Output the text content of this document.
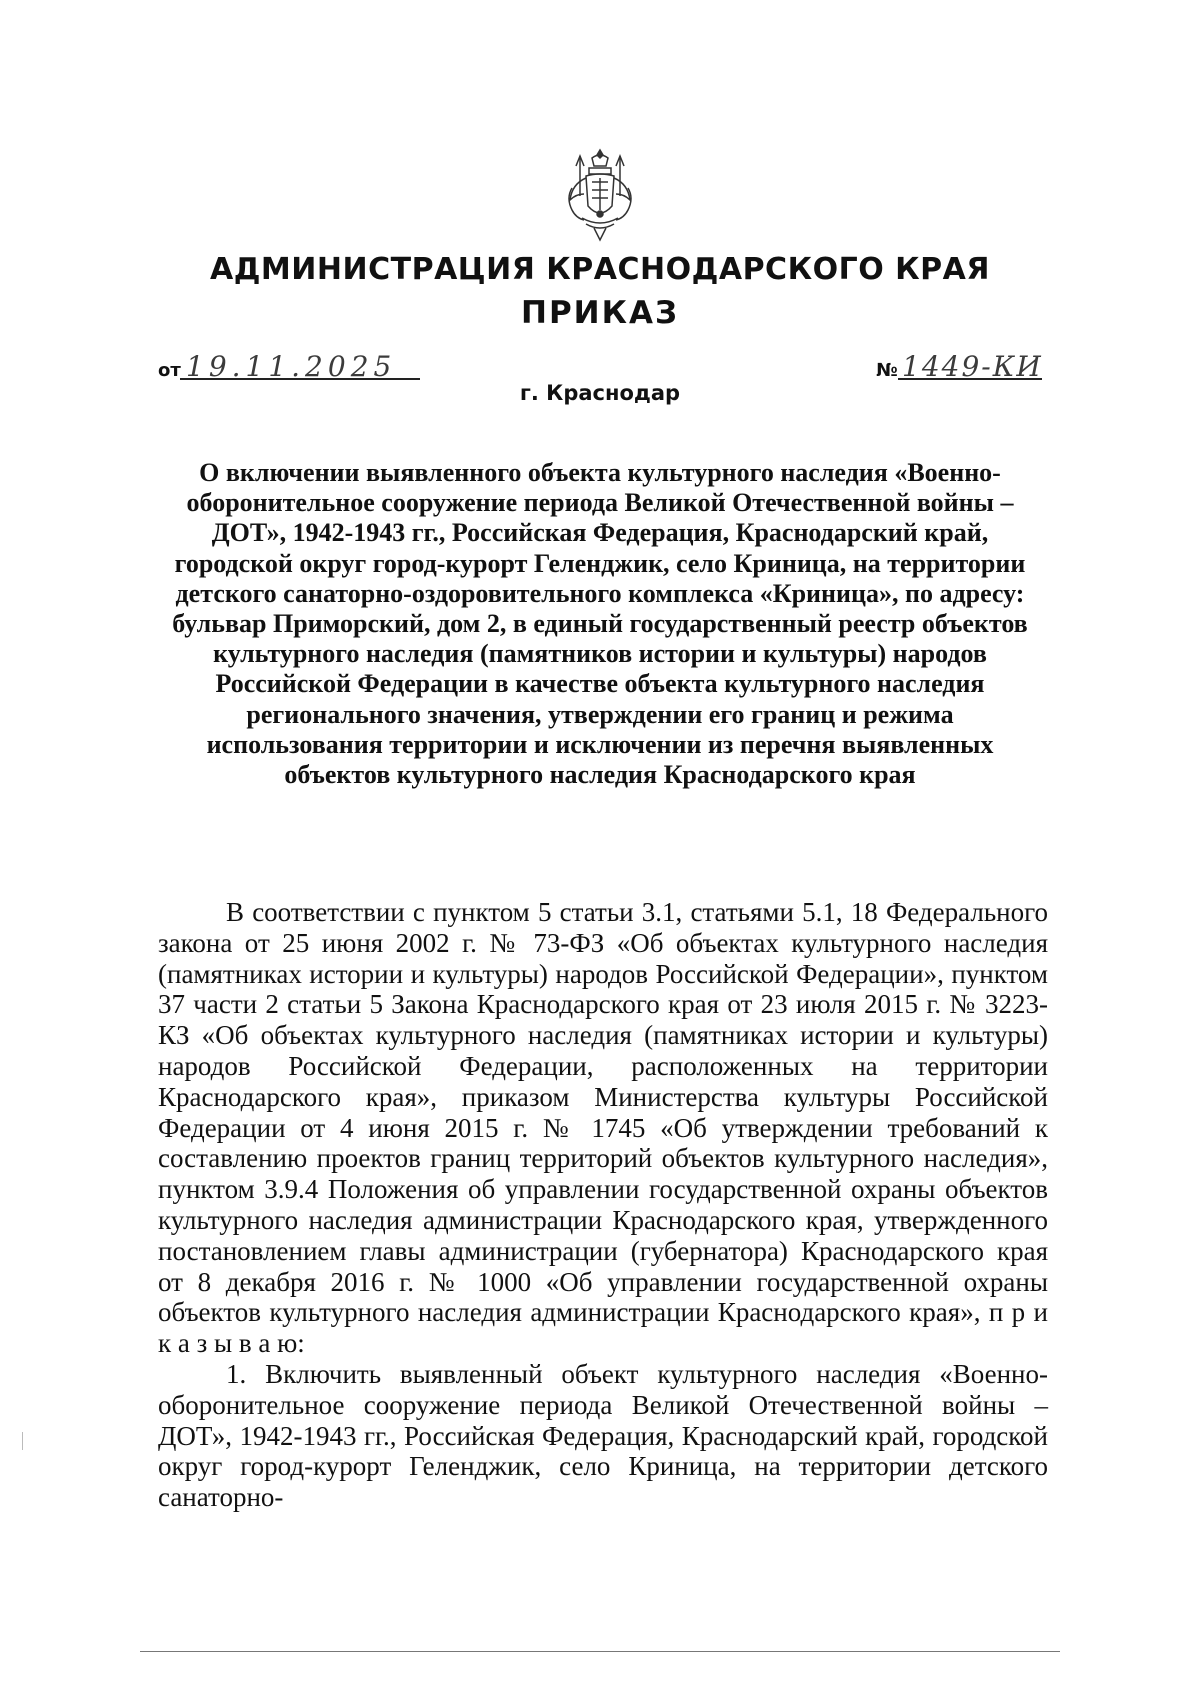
АДМИНИСТРАЦИЯ КРАСНОДАРСКОГО КРАЯ
ПРИКАЗ
от 19.11.2025	№ 1449-КИ
г. Краснодар
О включении выявленного объекта культурного наследия «Военно-оборонительное сооружение периода Великой Отечественной войны – ДОТ», 1942-1943 гг., Российская Федерация, Краснодарский край, городской округ город-курорт Геленджик, село Криница, на территории детского санаторно-оздоровительного комплекса «Криница», по адресу: бульвар Приморский, дом 2, в единый государственный реестр объектов культурного наследия (памятников истории и культуры) народов Российской Федерации в качестве объекта культурного наследия регионального значения, утверждении его границ и режима использования территории и исключении из перечня выявленных объектов культурного наследия Краснодарского края

В соответствии с пунктом 5 статьи 3.1, статьями 5.1, 18 Федерального закона от 25 июня 2002 г. № 73-ФЗ «Об объектах культурного наследия (памятниках истории и культуры) народов Российской Федерации», пунктом 37 части 2 статьи 5 Закона Краснодарского края от 23 июля 2015 г. № 3223-КЗ «Об объектах культурного наследия (памятниках истории и культуры) народов Российской Федерации, расположенных на территории Краснодарского края», приказом Министерства культуры Российской Федерации от 4 июня 2015 г. № 1745 «Об утверждении требований к составлению проектов границ территорий объектов культурного наследия», пунктом 3.9.4 Положения об управлении государственной охраны объектов культурного наследия администрации Краснодарского края, утвержденного постановлением главы администрации (губернатора) Краснодарского края от 8 декабря 2016 г. № 1000 «Об управлении государственной охраны объектов культурного наследия администрации Краснодарского края», п р и к а з ы в а ю:

1. Включить выявленный объект культурного наследия «Военно-оборонительное сооружение периода Великой Отечественной войны – ДОТ», 1942-1943 гг., Российская Федерация, Краснодарский край, городской округ город-курорт Геленджик, село Криница, на территории детского санаторно-
